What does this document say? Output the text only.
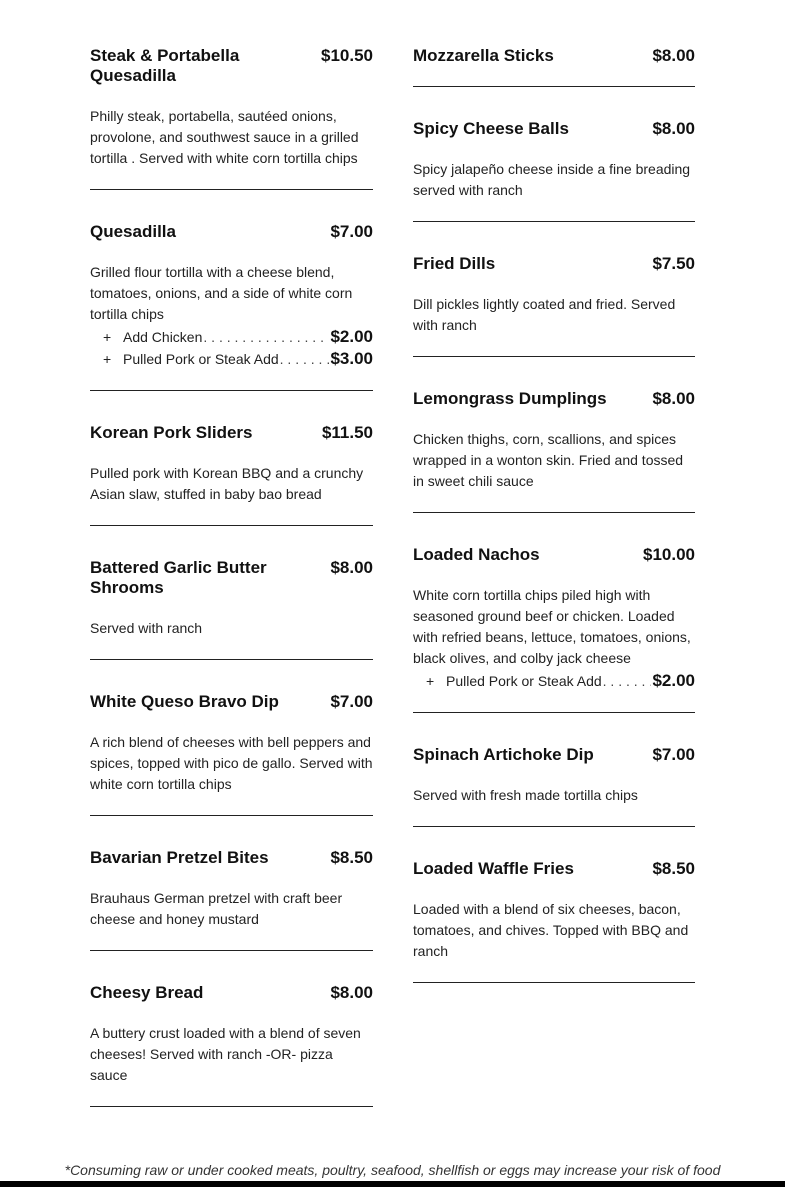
Steak & Portabella Quesadilla
$10.50
Philly steak, portabella, sautéed onions, provolone, and southwest sauce in a grilled tortilla . Served with white corn tortilla chips
Quesadilla	$7.00
Grilled flour tortilla with a cheese blend, tomatoes, onions, and a side of white corn tortilla chips
+ Add Chicken . . .	$2.00
+ Pulled Pork or Steak Add . . .	$3.00
Korean Pork Sliders	$11.50
Pulled pork with Korean BBQ and a crunchy Asian slaw, stuffed in baby bao bread
Battered Garlic Butter Shrooms
$8.00
Served with ranch
White Queso Bravo Dip	$7.00
A rich blend of cheeses with bell peppers and spices, topped with pico de gallo. Served with white corn tortilla chips
Bavarian Pretzel Bites	$8.50
Brauhaus German pretzel with craft beer cheese and honey mustard
Cheesy Bread	$8.00
A buttery crust loaded with a blend of seven cheeses! Served with ranch -OR- pizza sauce
Mozzarella Sticks	$8.00
Spicy Cheese Balls	$8.00
Spicy jalapeño cheese inside a fine breading served with ranch
Fried Dills	$7.50
Dill pickles lightly coated and fried. Served with ranch
Lemongrass Dumplings	$8.00
Chicken thighs, corn, scallions, and spices wrapped in a wonton skin. Fried and tossed in sweet chili sauce
Loaded Nachos	$10.00
White corn tortilla chips piled high with seasoned ground beef or chicken. Loaded with refried beans, lettuce, tomatoes, onions, black olives, and colby jack cheese
+ Pulled Pork or Steak Add . . .	$2.00
Spinach Artichoke Dip	$7.00
Served with fresh made tortilla chips
Loaded Waffle Fries	$8.50
Loaded with a blend of six cheeses, bacon, tomatoes, and chives. Topped with BBQ and ranch
*Consuming raw or under cooked meats, poultry, seafood, shellfish or eggs may increase your risk of food
